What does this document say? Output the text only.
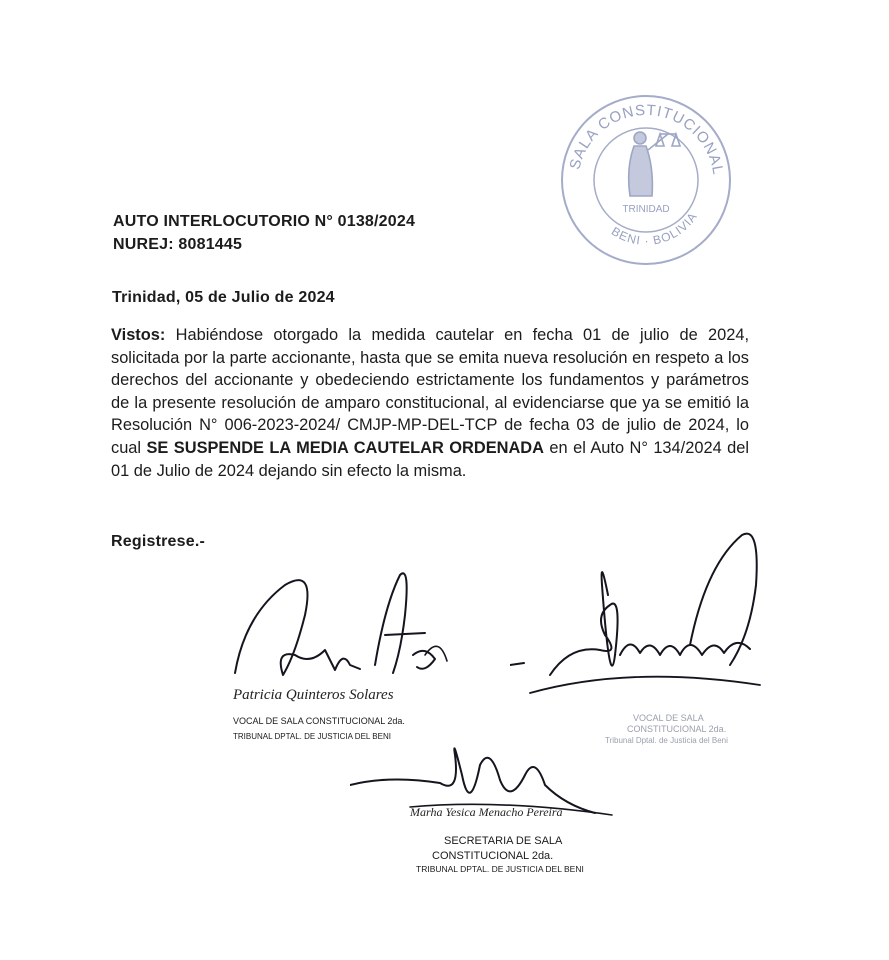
SALA CONSTITUCIONAL
BENI · BOLIVIA
TRINIDAD
AUTO INTERLOCUTORIO N° 0138/2024
NUREJ: 8081445
Trinidad, 05 de Julio de 2024
Vistos: Habiéndose otorgado la medida cautelar en fecha 01 de julio de 2024, solicitada por la parte accionante, hasta que se emita nueva resolución en respeto a los derechos del accionante y obedeciendo estrictamente los fundamentos y parámetros de la presente resolución de amparo constitucional, al evidenciarse que ya se emitió la Resolución N° 006-2023-2024/ CMJP-MP-DEL-TCP de fecha 03 de julio de 2024, lo cual SE SUSPENDE LA MEDIA CAUTELAR ORDENADA en el Auto N° 134/2024 del 01 de Julio de 2024 dejando sin efecto la misma.
Registrese.-
Patricia Quinteros Solares
VOCAL DE SALA CONSTITUCIONAL 2da.
TRIBUNAL DPTAL. DE JUSTICIA DEL BENI
VOCAL DE SALA
CONSTITUCIONAL 2da.
Tribunal Dptal. de Justicia del Beni
Marha Yesica Menacho Pereira
SECRETARIA DE SALA
CONSTITUCIONAL 2da.
TRIBUNAL DPTAL. DE JUSTICIA DEL BENI
